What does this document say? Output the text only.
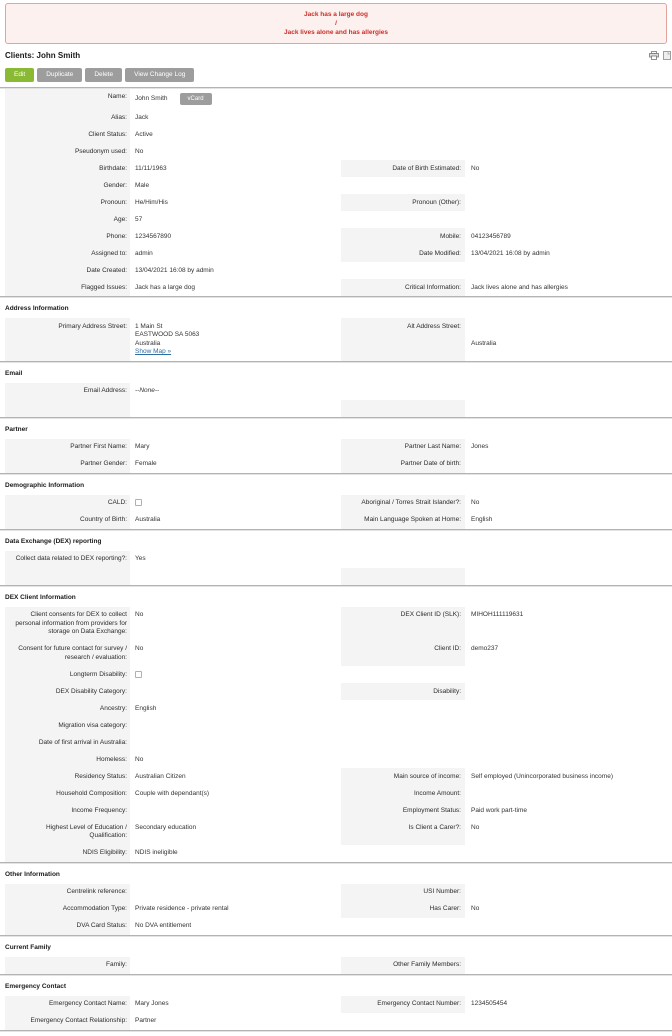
Jack has a large dog
/
Jack lives alone and has allergies
Clients: John Smith
Edit	Duplicate	Delete	View Change Log
Name:	John Smith	vCard
Alias:	Jack
Client Status:	Active
Pseudonym used:	No
Birthdate:	11/11/1963	Date of Birth Estimated:	No
Gender:	Male
Pronoun:	He/Him/His	Pronoun (Other):
Age:	57
Phone:	1234567890	Mobile:	04123456789
Assigned to:	admin	Date Modified:	13/04/2021 16:08 by admin
Date Created:	13/04/2021 16:08 by admin
Flagged Issues:	Jack has a large dog	Critical Information:	Jack lives alone and has allergies
Address Information
Primary Address Street:	1 Main St
EASTWOOD SA 5063
Australia
Show Map »
Alt Address Street:
Australia
Email
Email Address:	--None--
Partner
Partner First Name:	Mary	Partner Last Name:	Jones
Partner Gender:	Female	Partner Date of birth:
Demographic Information
CALD:	Aboriginal / Torres Strait Islander?:	No
Country of Birth:	Australia	Main Language Spoken at Home:	English
Data Exchange (DEX) reporting
Collect data related to DEX reporting?:	Yes
DEX Client Information
Client consents for DEX to collect personal information from providers for storage on Data Exchange:
No	DEX Client ID (SLK):	MIHOH111119631
Consent for future contact for survey / research / evaluation:
No	Client ID:	demo237
Longterm Disability:
DEX Disability Category:	Disability:
Ancestry:	English
Migration visa category:
Date of first arrival in Australia:
Homeless:	No
Residency Status:	Australian Citizen	Main source of income:	Self employed (Unincorporated business income)
Household Composition:	Couple with dependant(s)	Income Amount:
Income Frequency:	Employment Status:	Paid work part-time
Highest Level of Education / Qualification:
Secondary education	Is Client a Carer?:	No
NDIS Eligibility:	NDIS ineligible
Other Information
Centrelink reference:	USI Number:
Accommodation Type:	Private residence - private rental	Has Carer:	No
DVA Card Status:	No DVA entitlement
Current Family
Family:	Other Family Members:
Emergency Contact
Emergency Contact Name:	Mary Jones	Emergency Contact Number:	1234505454
Emergency Contact Relationship:	Partner
